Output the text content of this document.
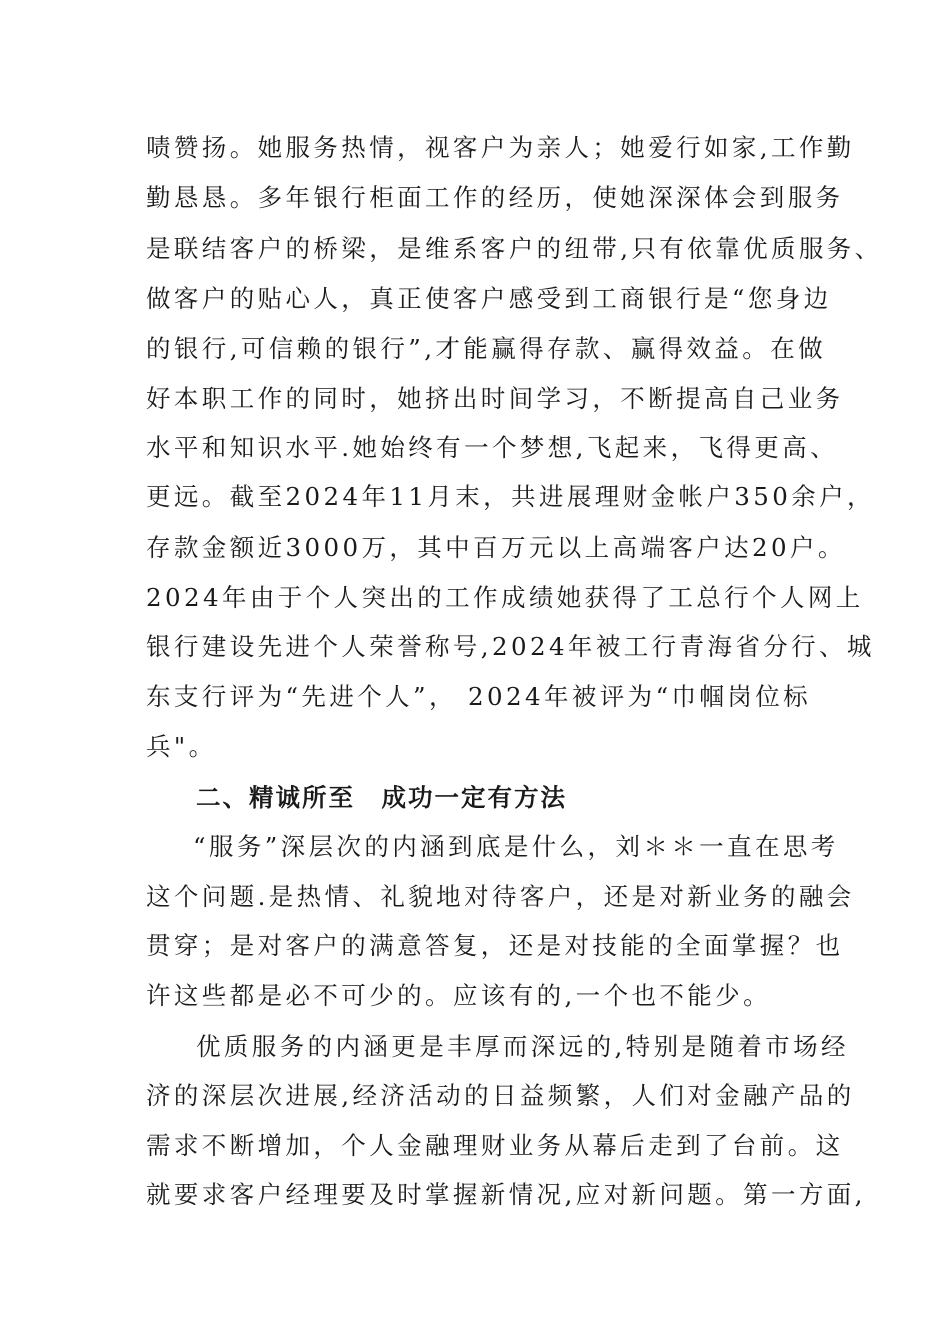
啧赞扬。她服务热情，视客户为亲人；她爱行如家,工作勤
勤恳恳。多年银行柜面工作的经历，使她深深体会到服务
是联结客户的桥梁，是维系客户的纽带,只有依靠优质服务、
做客户的贴心人，真正使客户感受到工商银行是“您身边
的银行,可信赖的银行”,才能赢得存款、赢得效益。在做
好本职工作的同时，她挤出时间学习，不断提高自己业务
水平和知识水平.她始终有一个梦想,飞起来，飞得更高、
更远。截至2024年11月末，共进展理财金帐户350余户，
存款金额近3000万，其中百万元以上高端客户达20户。
2024年由于个人突出的工作成绩她获得了工总行个人网上
银行建设先进个人荣誉称号,2024年被工行青海省分行、城
东支行评为“先进个人”， 2024年被评为“巾帼岗位标
兵"。
二、精诚所至　成功一定有方法
“服务”深层次的内涵到底是什么，刘＊＊一直在思考
这个问题.是热情、礼貌地对待客户，还是对新业务的融会
贯穿；是对客户的满意答复，还是对技能的全面掌握？也
许这些都是必不可少的。应该有的,一个也不能少。
优质服务的内涵更是丰厚而深远的,特别是随着市场经
济的深层次进展,经济活动的日益频繁，人们对金融产品的
需求不断增加，个人金融理财业务从幕后走到了台前。这
就要求客户经理要及时掌握新情况,应对新问题。第一方面,
